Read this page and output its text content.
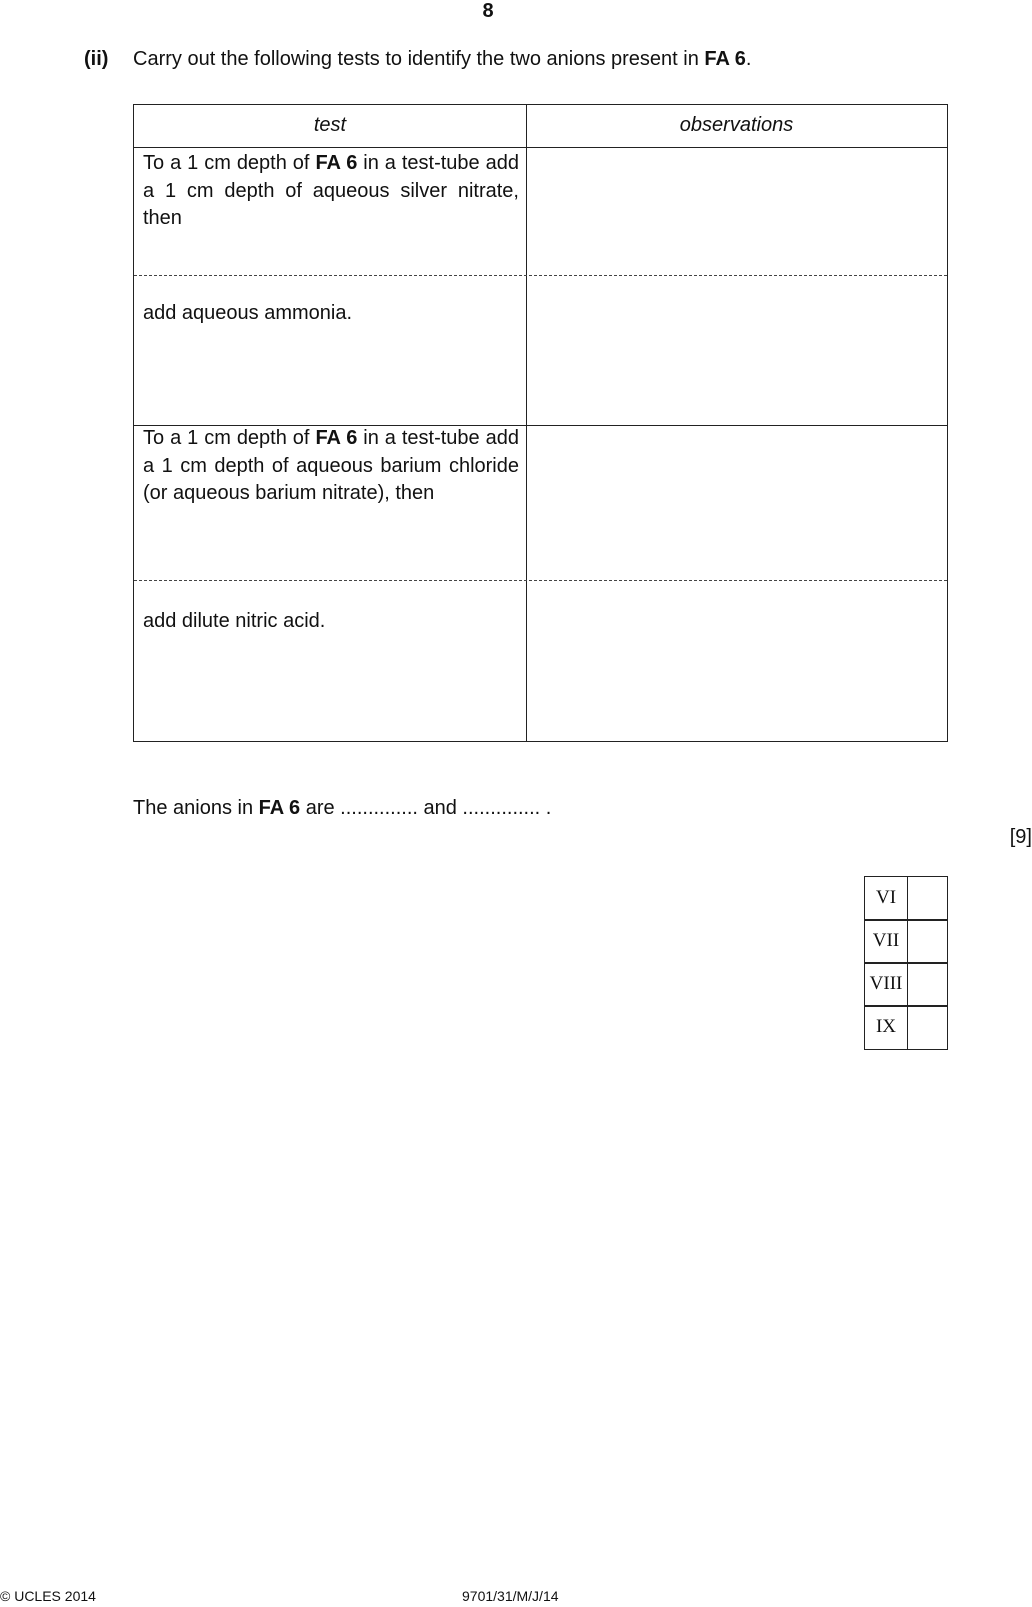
8
(ii) Carry out the following tests to identify the two anions present in FA 6.
test	observations
To a 1 cm depth of FA 6 in a test-tube add a 1 cm depth of aqueous silver nitrate, then
add aqueous ammonia.
To a 1 cm depth of FA 6 in a test-tube add a 1 cm depth of aqueous barium chloride (or aqueous barium nitrate), then
add dilute nitric acid.
The anions in FA 6 are .............. and .............. .
[9]
VI
VII
VIII
IX
© UCLES 2014	9701/31/M/J/14
